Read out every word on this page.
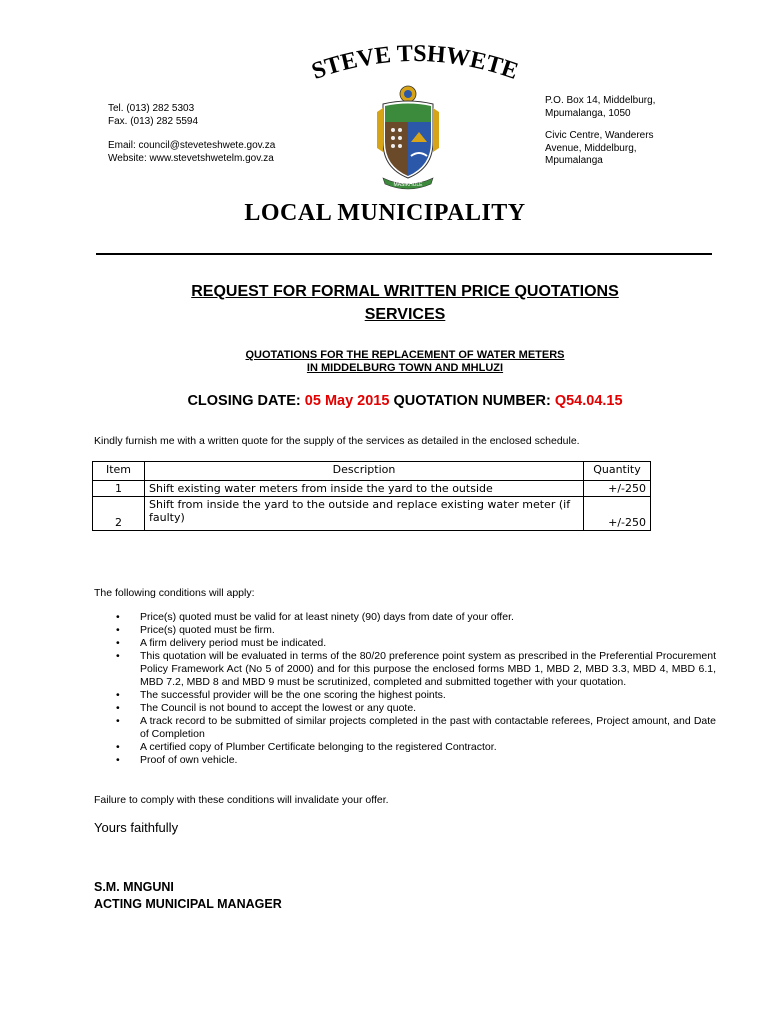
STEVE TSHWETE
Tel. (013) 282 5303
Fax. (013) 282 5594
Email: council@steveteshwete.gov.za
Website: www.stevetshwetelm.gov.za
MASIKHULE
P.O. Box 14, Middelburg,
Mpumalanga, 1050
Civic Centre, Wanderers
Avenue, Middelburg,
Mpumalanga
LOCAL MUNICIPALITY
REQUEST FOR FORMAL WRITTEN PRICE QUOTATIONS
SERVICES
QUOTATIONS FOR THE REPLACEMENT OF WATER METERS
IN MIDDELBURG TOWN AND MHLUZI
CLOSING DATE: 05 May 2015 QUOTATION NUMBER: Q54.04.15
Kindly furnish me with a written quote for the supply of the services as detailed in the enclosed schedule.
Item	Description	Quantity
1	Shift existing water meters from inside the yard to the outside	+/-250
2	Shift from inside the yard to the outside and replace existing water meter (if faulty)	+/-250
The following conditions will apply:
• Price(s) quoted must be valid for at least ninety (90) days from date of your offer.
• Price(s) quoted must be firm.
• A firm delivery period must be indicated.
• This quotation will be evaluated in terms of the 80/20 preference point system as prescribed in the Preferential Procurement Policy Framework Act (No 5 of 2000) and for this purpose the enclosed forms MBD 1, MBD 2, MBD 3.3, MBD 4, MBD 6.1, MBD 7.2, MBD 8 and MBD 9 must be scrutinized, completed and submitted together with your quotation.
• The successful provider will be the one scoring the highest points.
• The Council is not bound to accept the lowest or any quote.
• A track record to be submitted of similar projects completed in the past with contactable referees, Project amount, and Date of Completion
• A certified copy of Plumber Certificate belonging to the registered Contractor.
• Proof of own vehicle.
Failure to comply with these conditions will invalidate your offer.
Yours faithfully
S.M. MNGUNI
ACTING MUNICIPAL MANAGER
